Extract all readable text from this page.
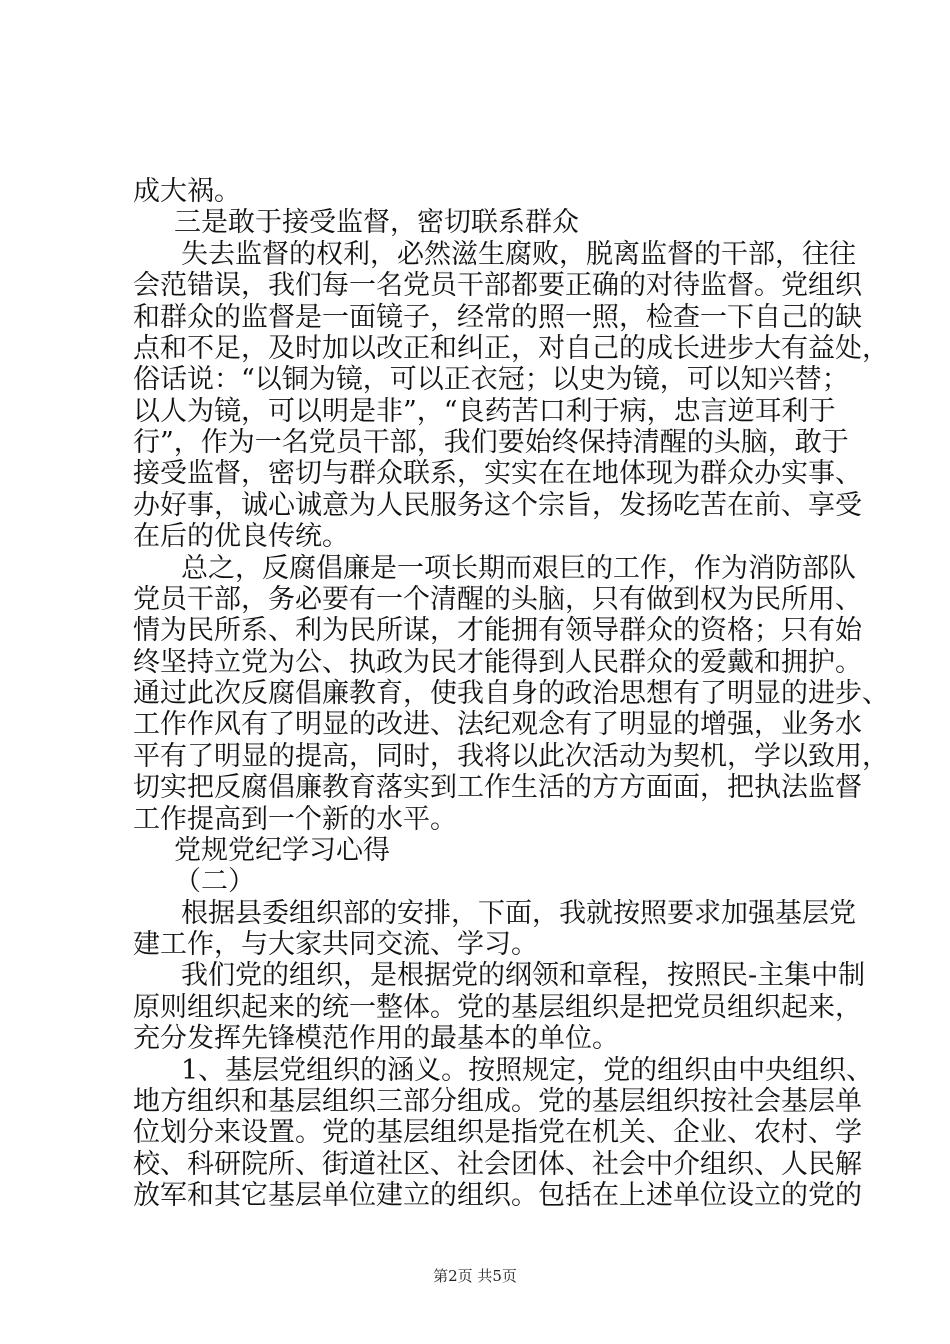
成大祸。
三是敢于接受监督，密切联系群众
失去监督的权利，必然滋生腐败，脱离监督的干部，往往
会范错误，我们每一名党员干部都要正确的对待监督。党组织
和群众的监督是一面镜子，经常的照一照，检查一下自己的缺
点和不足，及时加以改正和纠正，对自己的成长进步大有益处，
俗话说：“以铜为镜，可以正衣冠；以史为镜，可以知兴替；
以人为镜，可以明是非”，“良药苦口利于病，忠言逆耳利于
行”，作为一名党员干部，我们要始终保持清醒的头脑，敢于
接受监督，密切与群众联系，实实在在地体现为群众办实事、
办好事，诚心诚意为人民服务这个宗旨，发扬吃苦在前、享受
在后的优良传统。
总之，反腐倡廉是一项长期而艰巨的工作，作为消防部队
党员干部，务必要有一个清醒的头脑，只有做到权为民所用、
情为民所系、利为民所谋，才能拥有领导群众的资格；只有始
终坚持立党为公、执政为民才能得到人民群众的爱戴和拥护。
通过此次反腐倡廉教育，使我自身的政治思想有了明显的进步、
工作作风有了明显的改进、法纪观念有了明显的增强，业务水
平有了明显的提高，同时，我将以此次活动为契机，学以致用，
切实把反腐倡廉教育落实到工作生活的方方面面，把执法监督
工作提高到一个新的水平。
党规党纪学习心得
（二）
根据县委组织部的安排，下面，我就按照要求加强基层党
建工作，与大家共同交流、学习。
我们党的组织，是根据党的纲领和章程，按照民-主集中制
原则组织起来的统一整体。党的基层组织是把党员组织起来，
充分发挥先锋模范作用的最基本的单位。
1、基层党组织的涵义。按照规定，党的组织由中央组织、
地方组织和基层组织三部分组成。党的基层组织按社会基层单
位划分来设置。党的基层组织是指党在机关、企业、农村、学
校、科研院所、街道社区、社会团体、社会中介组织、人民解
放军和其它基层单位建立的组织。包括在上述单位设立的党的
第2页 共5页
